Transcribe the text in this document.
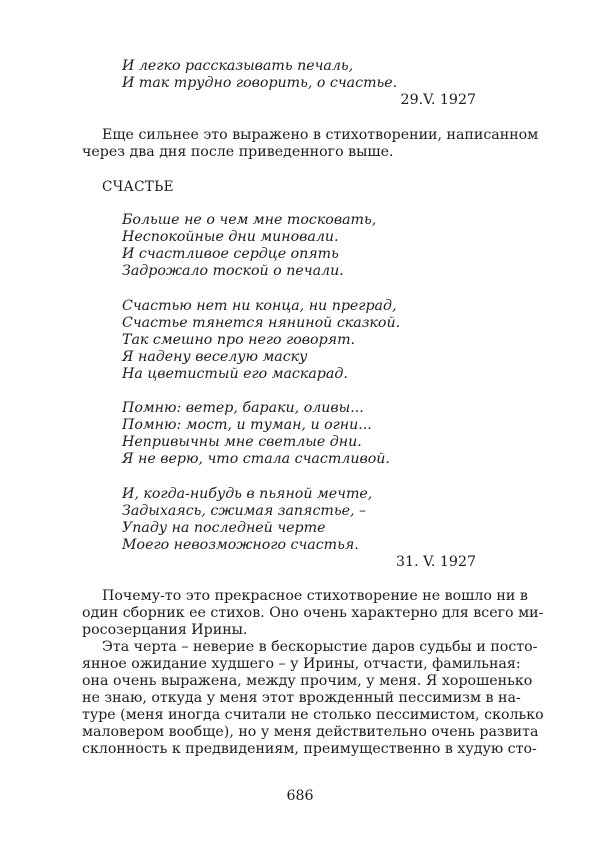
И легко рассказывать печаль,
И так трудно говорить, о счастье.
29.V. 1927
Еще сильнее это выражено в стихотворении, написанном
через два дня после приведенного выше.
СЧАСТЬЕ
Больше не о чем мне тосковать,
Неспокойные дни миновали.
И счастливое сердце опять
Задрожало тоской о печали.
Счастью нет ни конца, ни преград,
Счастье тянется няниной сказкой.
Так смешно про него говорят.
Я надену веселую маску
На цветистый его маскарад.
Помню: ветер, бараки, оливы...
Помню: мост, и туман, и огни...
Непривычны мне светлые дни.
Я не верю, что стала счастливой.
И, когда-нибудь в пьяной мечте,
Задыхаясь, сжимая запястье, –
Упаду на последней черте
Моего невозможного счастья.
31. V. 1927
Почему-то это прекрасное стихотворение не вошло ни в
один сборник ее стихов. Оно очень характерно для всего ми-
росозерцания Ирины.
Эта черта – неверие в бескорыстие даров судьбы и посто-
янное ожидание худшего – у Ирины, отчасти, фамильная:
она очень выражена, между прочим, у меня. Я хорошенько
не знаю, откуда у меня этот врожденный пессимизм в на-
туре (меня иногда считали не столько пессимистом, сколько
маловером вообще), но у меня действительно очень развита
склонность к предвидениям, преимущественно в худую сто-
686
